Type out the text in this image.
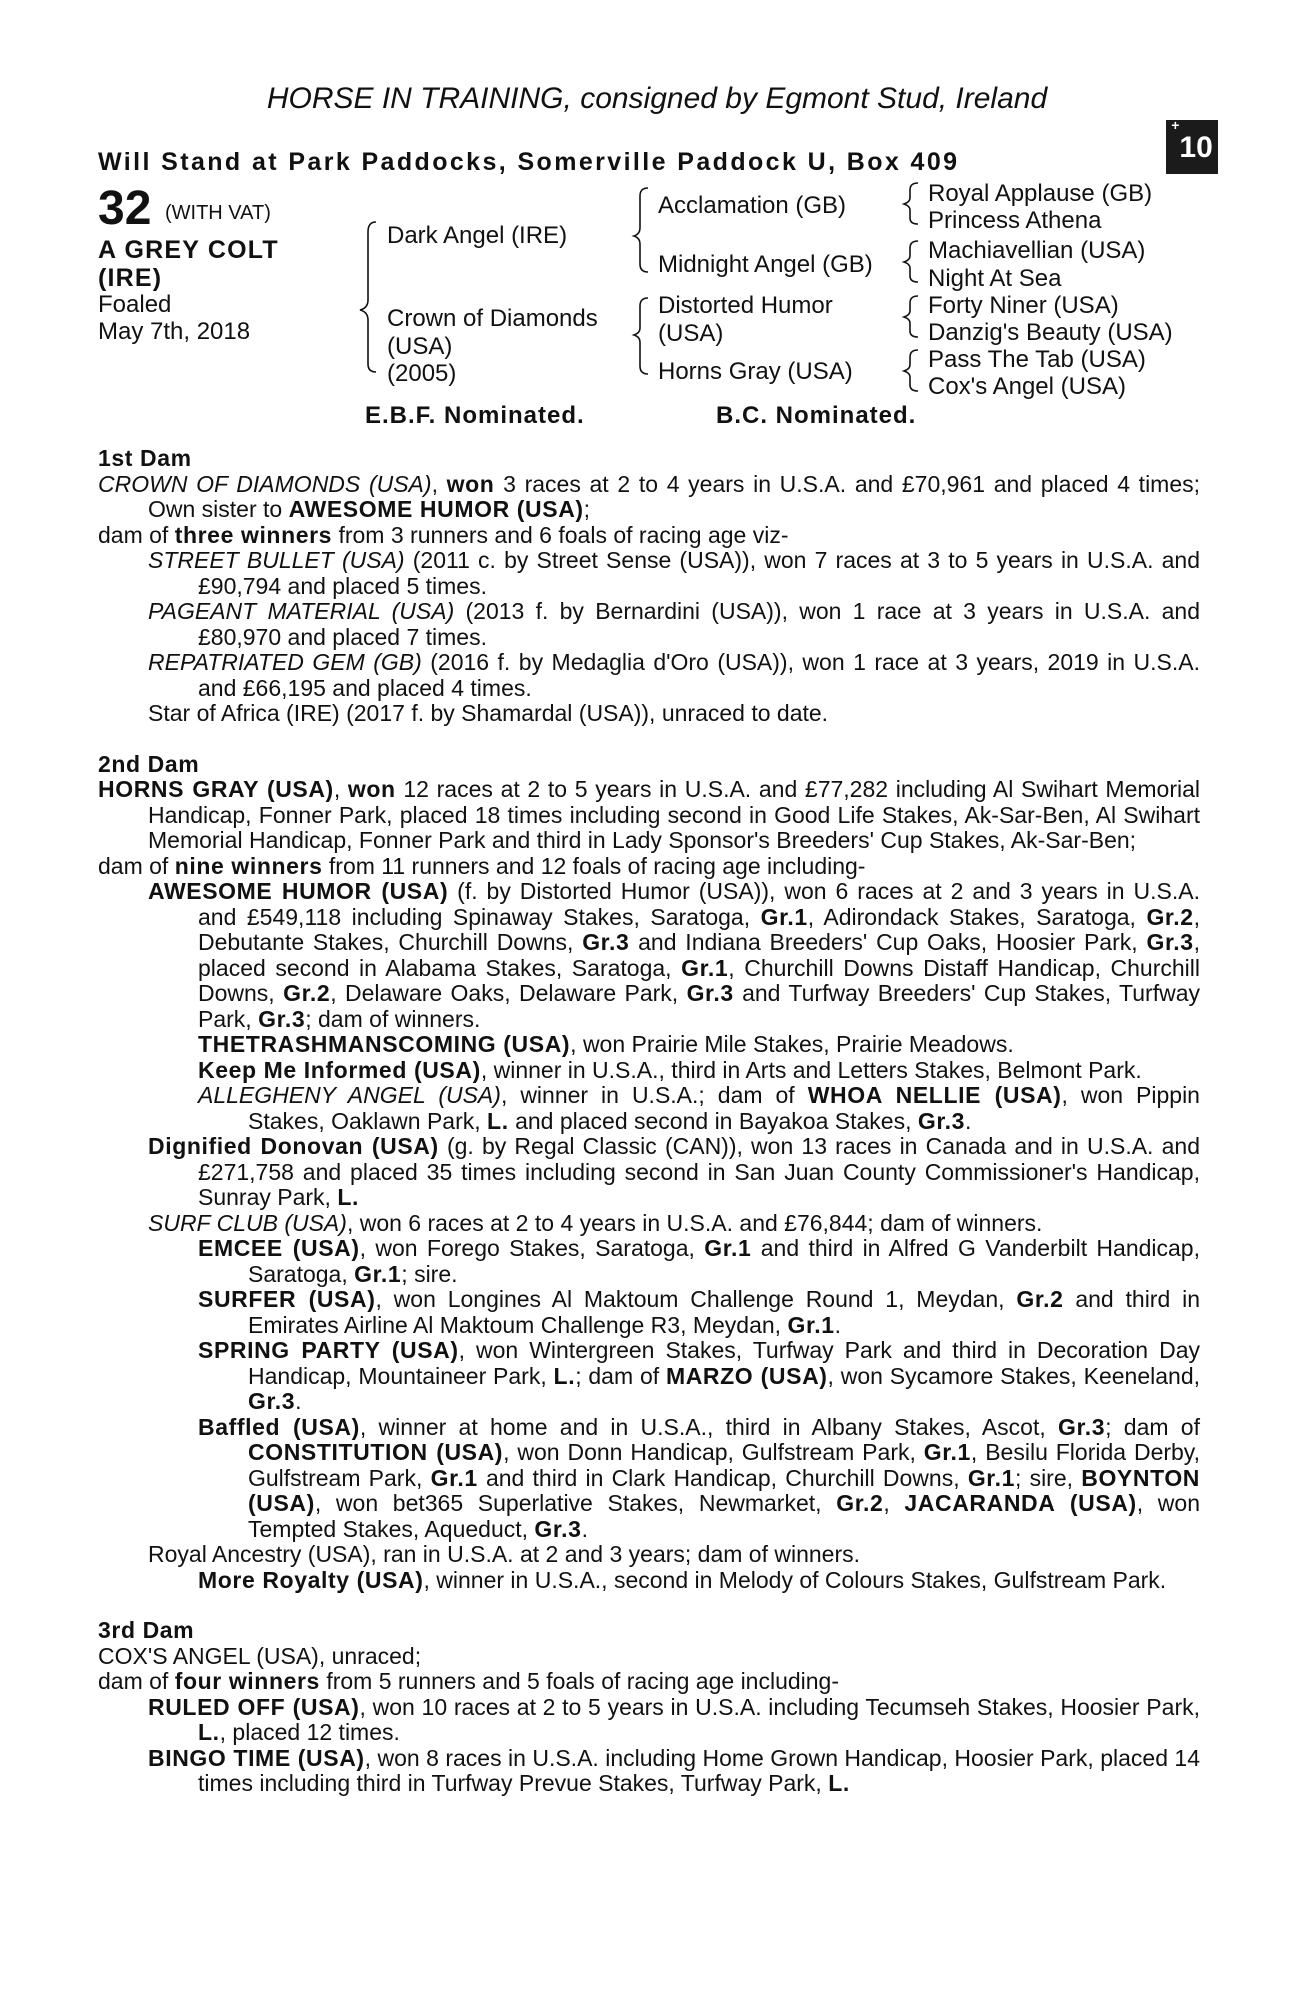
HORSE IN TRAINING, consigned by Egmont Stud, Ireland
Will Stand at Park Paddocks, Somerville Paddock U, Box 409
+10
32 (WITH VAT)
A GREY COLT
(IRE)
Foaled
May 7th, 2018
Dark Angel (IRE)
Crown of Diamonds
(USA)
(2005)
Acclamation (GB)
Midnight Angel (GB)
Distorted Humor
(USA)
Horns Gray (USA)
Royal Applause (GB)
Princess Athena
Machiavellian (USA)
Night At Sea
Forty Niner (USA)
Danzig's Beauty (USA)
Pass The Tab (USA)
Cox's Angel (USA)
E.B.F. Nominated.	B.C. Nominated.
1st Dam
CROWN OF DIAMONDS (USA), won 3 races at 2 to 4 years in U.S.A. and £70,961 and placed 4 times; Own sister to AWESOME HUMOR (USA);
dam of three winners from 3 runners and 6 foals of racing age viz-
STREET BULLET (USA) (2011 c. by Street Sense (USA)), won 7 races at 3 to 5 years in U.S.A. and £90,794 and placed 5 times.
PAGEANT MATERIAL (USA) (2013 f. by Bernardini (USA)), won 1 race at 3 years in U.S.A. and £80,970 and placed 7 times.
REPATRIATED GEM (GB) (2016 f. by Medaglia d'Oro (USA)), won 1 race at 3 years, 2019 in U.S.A. and £66,195 and placed 4 times.
Star of Africa (IRE) (2017 f. by Shamardal (USA)), unraced to date.
2nd Dam
HORNS GRAY (USA), won 12 races at 2 to 5 years in U.S.A. and £77,282 including Al Swihart Memorial Handicap, Fonner Park, placed 18 times including second in Good Life Stakes, Ak-Sar-Ben, Al Swihart Memorial Handicap, Fonner Park and third in Lady Sponsor's Breeders' Cup Stakes, Ak-Sar-Ben;
dam of nine winners from 11 runners and 12 foals of racing age including-
AWESOME HUMOR (USA) (f. by Distorted Humor (USA)), won 6 races at 2 and 3 years in U.S.A. and £549,118 including Spinaway Stakes, Saratoga, Gr.1, Adirondack Stakes, Saratoga, Gr.2, Debutante Stakes, Churchill Downs, Gr.3 and Indiana Breeders' Cup Oaks, Hoosier Park, Gr.3, placed second in Alabama Stakes, Saratoga, Gr.1, Churchill Downs Distaff Handicap, Churchill Downs, Gr.2, Delaware Oaks, Delaware Park, Gr.3 and Turfway Breeders' Cup Stakes, Turfway Park, Gr.3; dam of winners.
THETRASHMANSCOMING (USA), won Prairie Mile Stakes, Prairie Meadows.
Keep Me Informed (USA), winner in U.S.A., third in Arts and Letters Stakes, Belmont Park.
ALLEGHENY ANGEL (USA), winner in U.S.A.; dam of WHOA NELLIE (USA), won Pippin Stakes, Oaklawn Park, L. and placed second in Bayakoa Stakes, Gr.3.
Dignified Donovan (USA) (g. by Regal Classic (CAN)), won 13 races in Canada and in U.S.A. and £271,758 and placed 35 times including second in San Juan County Commissioner's Handicap, Sunray Park, L.
SURF CLUB (USA), won 6 races at 2 to 4 years in U.S.A. and £76,844; dam of winners.
EMCEE (USA), won Forego Stakes, Saratoga, Gr.1 and third in Alfred G Vanderbilt Handicap, Saratoga, Gr.1; sire.
SURFER (USA), won Longines Al Maktoum Challenge Round 1, Meydan, Gr.2 and third in Emirates Airline Al Maktoum Challenge R3, Meydan, Gr.1.
SPRING PARTY (USA), won Wintergreen Stakes, Turfway Park and third in Decoration Day Handicap, Mountaineer Park, L.; dam of MARZO (USA), won Sycamore Stakes, Keeneland, Gr.3.
Baffled (USA), winner at home and in U.S.A., third in Albany Stakes, Ascot, Gr.3; dam of CONSTITUTION (USA), won Donn Handicap, Gulfstream Park, Gr.1, Besilu Florida Derby, Gulfstream Park, Gr.1 and third in Clark Handicap, Churchill Downs, Gr.1; sire, BOYNTON (USA), won bet365 Superlative Stakes, Newmarket, Gr.2, JACARANDA (USA), won Tempted Stakes, Aqueduct, Gr.3.
Royal Ancestry (USA), ran in U.S.A. at 2 and 3 years; dam of winners.
More Royalty (USA), winner in U.S.A., second in Melody of Colours Stakes, Gulfstream Park.
3rd Dam
COX'S ANGEL (USA), unraced;
dam of four winners from 5 runners and 5 foals of racing age including-
RULED OFF (USA), won 10 races at 2 to 5 years in U.S.A. including Tecumseh Stakes, Hoosier Park, L., placed 12 times.
BINGO TIME (USA), won 8 races in U.S.A. including Home Grown Handicap, Hoosier Park, placed 14 times including third in Turfway Prevue Stakes, Turfway Park, L.
